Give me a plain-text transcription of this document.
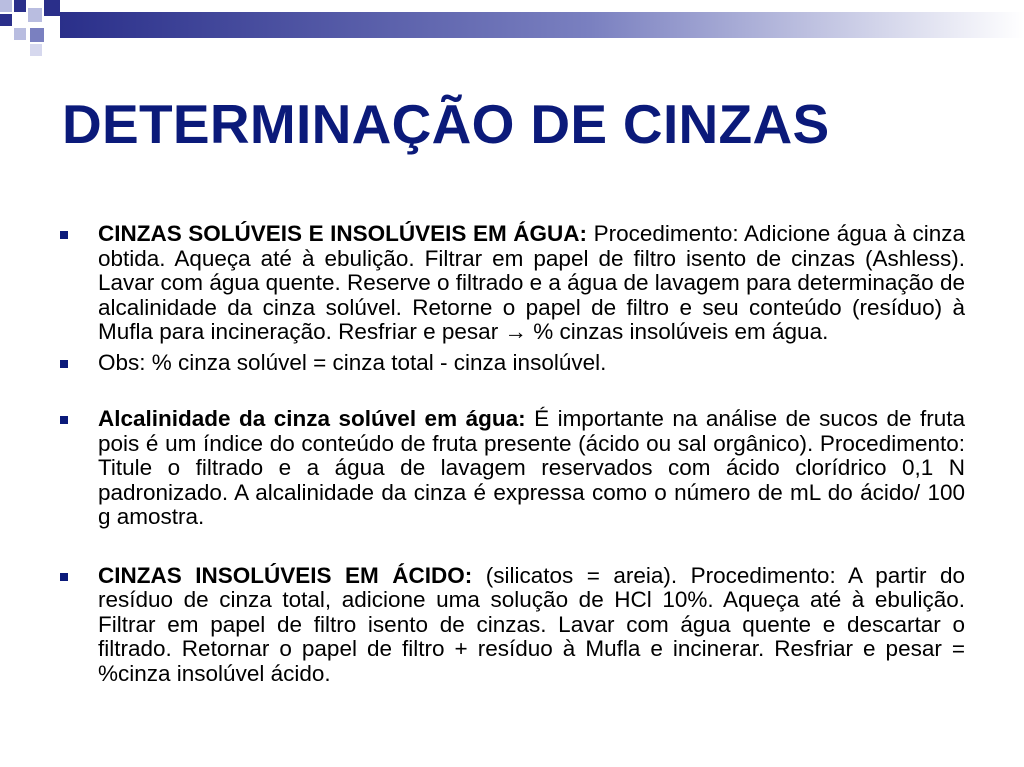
DETERMINAÇÃO DE CINZAS
CINZAS SOLÚVEIS E INSOLÚVEIS EM ÁGUA: Procedimento: Adicione água à cinza obtida. Aqueça até à ebulição. Filtrar em papel de filtro isento de cinzas (Ashless). Lavar com água quente. Reserve o filtrado e a água de lavagem para determinação de alcalinidade da cinza solúvel. Retorne o papel de filtro e seu conteúdo (resíduo) à Mufla para incineração. Resfriar e pesar → % cinzas insolúveis em água.
Obs: % cinza solúvel = cinza total - cinza insolúvel.
Alcalinidade da cinza solúvel em água: É importante na análise de sucos de fruta pois é um índice do conteúdo de fruta presente (ácido ou sal orgânico). Procedimento: Titule o filtrado e a água de lavagem reservados com ácido clorídrico 0,1 N padronizado. A alcalinidade da cinza é expressa como o número de mL do ácido/ 100 g amostra.
CINZAS INSOLÚVEIS EM ÁCIDO: (silicatos = areia). Procedimento: A partir do resíduo de cinza total, adicione uma solução de HCl 10%. Aqueça até à ebulição. Filtrar em papel de filtro isento de cinzas. Lavar com água quente e descartar o filtrado. Retornar o papel de filtro + resíduo à Mufla e incinerar. Resfriar e pesar = %cinza insolúvel ácido.
